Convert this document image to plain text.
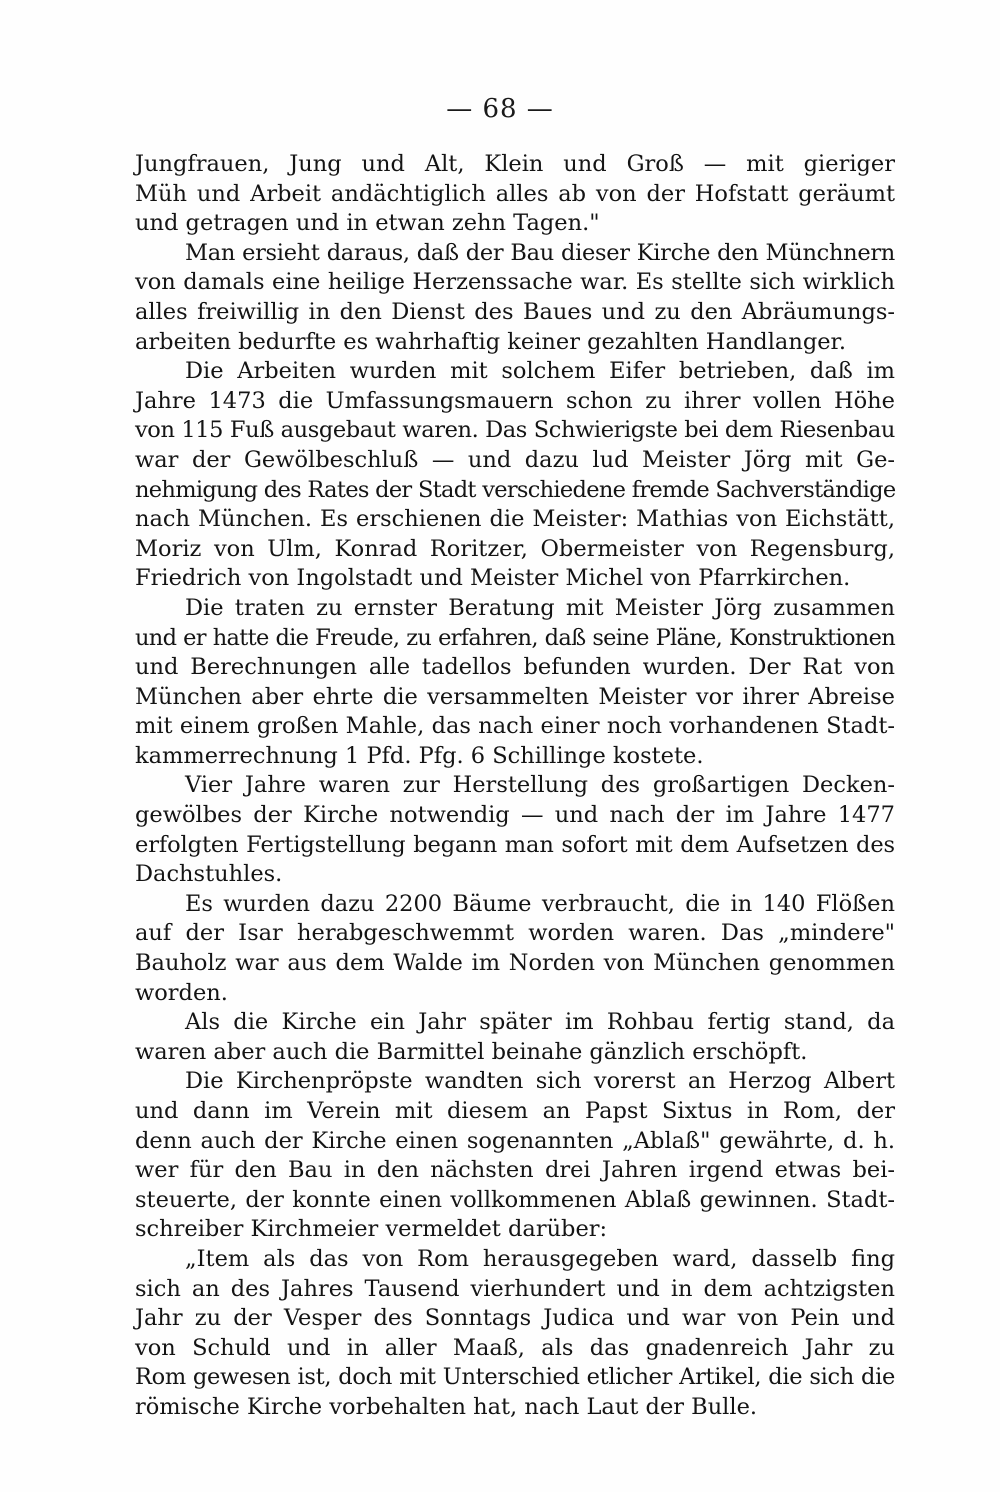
— 68 —
Jungfrauen, Jung und Alt, Klein und Groß — mit gieriger
Müh und Arbeit andächtiglich alles ab von der Hofstatt geräumt
und getragen und in etwan zehn Tagen."
Man ersieht daraus, daß der Bau dieser Kirche den Münchnern
von damals eine heilige Herzenssache war. Es stellte sich wirklich
alles freiwillig in den Dienst des Baues und zu den Abräumungs-
arbeiten bedurfte es wahrhaftig keiner gezahlten Handlanger.
Die Arbeiten wurden mit solchem Eifer betrieben, daß im
Jahre 1473 die Umfassungsmauern schon zu ihrer vollen Höhe
von 115 Fuß ausgebaut waren. Das Schwierigste bei dem Riesenbau
war der Gewölbeschluß — und dazu lud Meister Jörg mit Ge-
nehmigung des Rates der Stadt verschiedene fremde Sachverständige
nach München. Es erschienen die Meister: Mathias von Eichstätt,
Moriz von Ulm, Konrad Roritzer, Obermeister von Regensburg,
Friedrich von Ingolstadt und Meister Michel von Pfarrkirchen.
Die traten zu ernster Beratung mit Meister Jörg zusammen
und er hatte die Freude, zu erfahren, daß seine Pläne, Konstruktionen
und Berechnungen alle tadellos befunden wurden. Der Rat von
München aber ehrte die versammelten Meister vor ihrer Abreise
mit einem großen Mahle, das nach einer noch vorhandenen Stadt-
kammerrechnung 1 Pfd. Pfg. 6 Schillinge kostete.
Vier Jahre waren zur Herstellung des großartigen Decken-
gewölbes der Kirche notwendig — und nach der im Jahre 1477
erfolgten Fertigstellung begann man sofort mit dem Aufsetzen des
Dachstuhles.
Es wurden dazu 2200 Bäume verbraucht, die in 140 Flößen
auf der Isar herabgeschwemmt worden waren. Das „mindere"
Bauholz war aus dem Walde im Norden von München genommen
worden.
Als die Kirche ein Jahr später im Rohbau fertig stand, da
waren aber auch die Barmittel beinahe gänzlich erschöpft.
Die Kirchenpröpste wandten sich vorerst an Herzog Albert
und dann im Verein mit diesem an Papst Sixtus in Rom, der
denn auch der Kirche einen sogenannten „Ablaß" gewährte, d. h.
wer für den Bau in den nächsten drei Jahren irgend etwas bei-
steuerte, der konnte einen vollkommenen Ablaß gewinnen. Stadt-
schreiber Kirchmeier vermeldet darüber:
„Item als das von Rom herausgegeben ward, dasselb fing
sich an des Jahres Tausend vierhundert und in dem achtzigsten
Jahr zu der Vesper des Sonntags Judica und war von Pein und
von Schuld und in aller Maaß, als das gnadenreich Jahr zu
Rom gewesen ist, doch mit Unterschied etlicher Artikel, die sich die
römische Kirche vorbehalten hat, nach Laut der Bulle.
